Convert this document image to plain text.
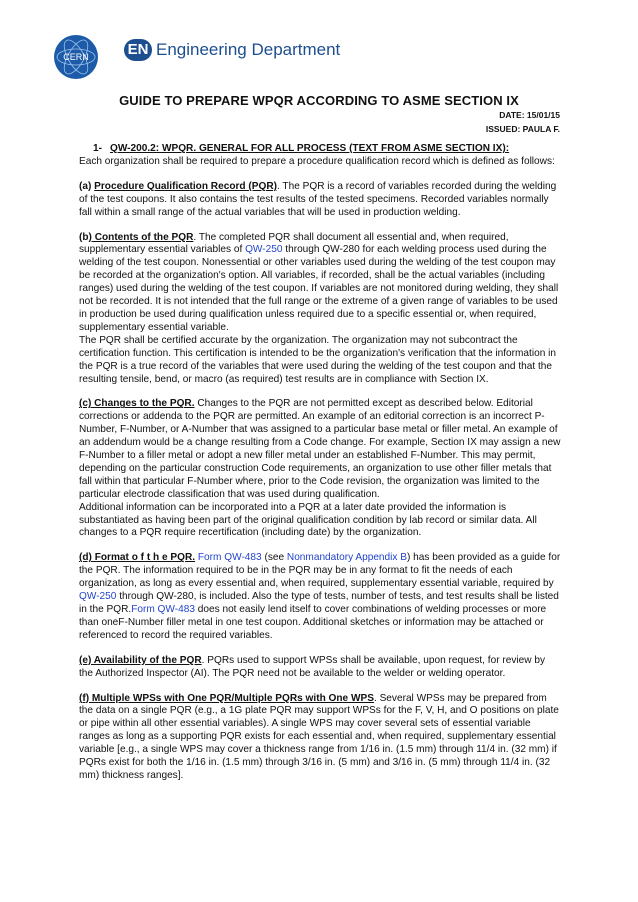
CERN	EN Engineering Department
GUIDE TO PREPARE WPQR ACCORDING TO ASME SECTION IX
DATE: 15/01/15
ISSUED: PAULA F.

1- QW-200.2: WPQR. GENERAL FOR ALL PROCESS (TEXT FROM ASME SECTION IX):

Each organization shall be required to prepare a procedure qualification record which is defined as follows:

(a) Procedure Qualification Record (PQR). The PQR is a record of variables recorded during the welding of the test coupons. It also contains the test results of the tested specimens. Recorded variables normally fall within a small range of the actual variables that will be used in production welding.

(b) Contents of the PQR. The completed PQR shall document all essential and, when required, supplementary essential variables of QW-250 through QW-280 for each welding process used during the welding of the test coupon. Nonessential or other variables used during the welding of the test coupon may be recorded at the organization's option. All variables, if recorded, shall be the actual variables (including ranges) used during the welding of the test coupon. If variables are not monitored during welding, they shall not be recorded. It is not intended that the full range or the extreme of a given range of variables to be used in production be used during qualification unless required due to a specific essential or, when required, supplementary essential variable.

The PQR shall be certified accurate by the organization. The organization may not subcontract the certification function. This certification is intended to be the organization's verification that the information in the PQR is a true record of the variables that were used during the welding of the test coupon and that the resulting tensile, bend, or macro (as required) test results are in compliance with Section IX.

(c) Changes to the PQR. Changes to the PQR are not permitted except as described below. Editorial corrections or addenda to the PQR are permitted. An example of an editorial correction is an incorrect P-Number, F-Number, or A-Number that was assigned to a particular base metal or filler metal. An example of an addendum would be a change resulting from a Code change. For example, Section IX may assign a new F-Number to a filler metal or adopt a new filler metal under an established F-Number. This may permit, depending on the particular construction Code requirements, an organization to use other filler metals that fall within that particular F-Number where, prior to the Code revision, the organization was limited to the particular electrode classification that was used during qualification.

Additional information can be incorporated into a PQR at a later date provided the information is substantiated as having been part of the original qualification condition by lab record or similar data. All changes to a PQR require recertification (including date) by the organization.

(d) Format o f t h e PQR. Form QW-483 (see Nonmandatory Appendix B) has been provided as a guide for the PQR. The information required to be in the PQR may be in any format to fit the needs of each organization, as long as every essential and, when required, supplementary essential variable, required by QW-250 through QW-280, is included. Also the type of tests, number of tests, and test results shall be listed in the PQR.Form QW-483 does not easily lend itself to cover combinations of welding processes or more than oneF-Number filler metal in one test coupon. Additional sketches or information may be attached or referenced to record the required variables.

(e) Availability of the PQR. PQRs used to support WPSs shall be available, upon request, for review by the Authorized Inspector (AI). The PQR need not be available to the welder or welding operator.

(f) Multiple WPSs with One PQR/Multiple PQRs with One WPS. Several WPSs may be prepared from the data on a single PQR (e.g., a 1G plate PQR may support WPSs for the F, V, H, and O positions on plate or pipe within all other essential variables). A single WPS may cover several sets of essential variable ranges as long as a supporting PQR exists for each essential and, when required, supplementary essential variable [e.g., a single WPS may cover a thickness range from 1/16 in. (1.5 mm) through 11/4 in. (32 mm) if PQRs exist for both the 1/16 in. (1.5 mm) through 3/16 in. (5 mm) and 3/16 in. (5 mm) through 11/4 in. (32 mm) thickness ranges].
